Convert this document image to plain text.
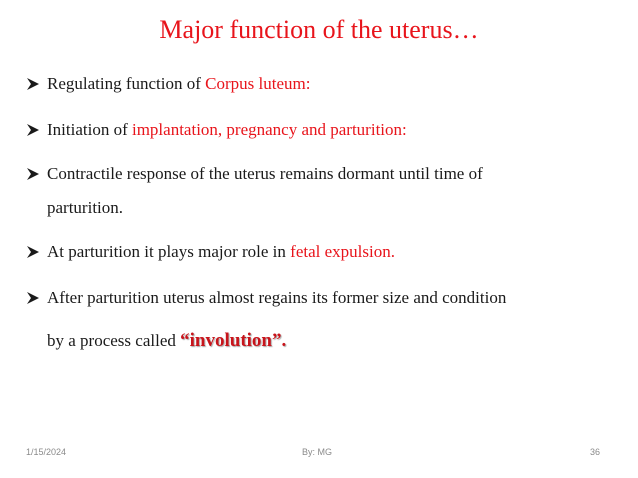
Major function of the uterus…
Regulating function of Corpus luteum:
Initiation of implantation, pregnancy and parturition:
Contractile response of the uterus remains dormant until time of
parturition.
At parturition it plays major role in fetal expulsion.
After parturition uterus almost regains its former size and condition
by a process called “involution”.
1/15/2024	By: MG	36
